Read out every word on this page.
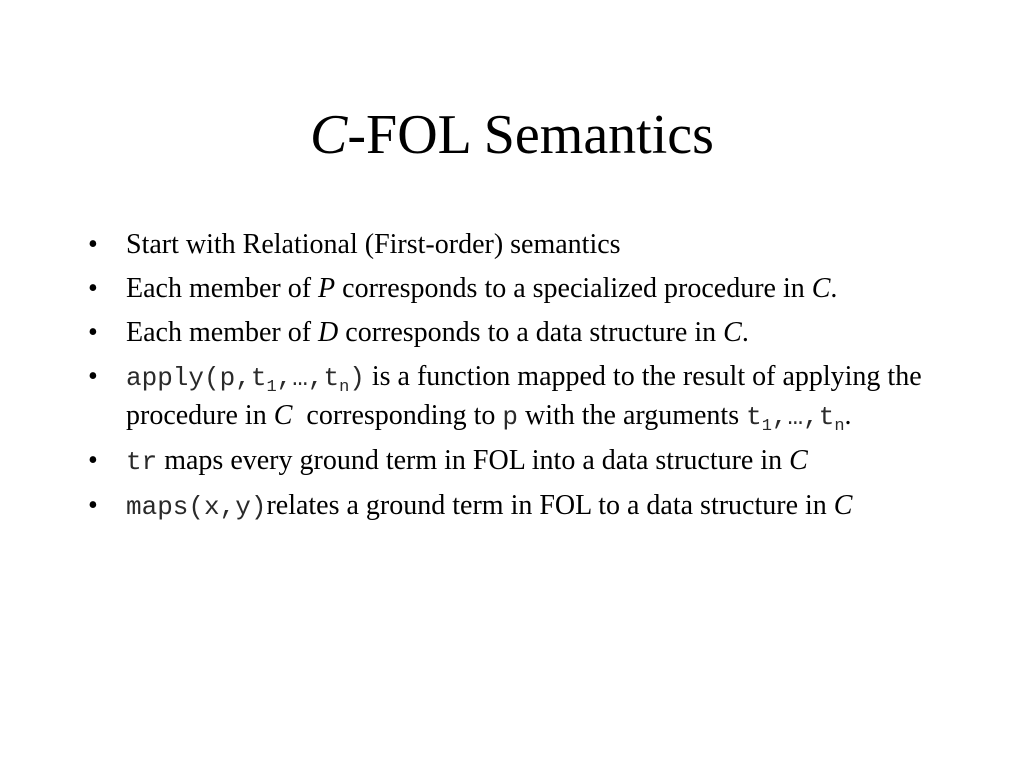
C-FOL Semantics
•	Start with Relational (First-order) semantics
•	Each member of P corresponds to a specialized procedure in C.
•	Each member of D corresponds to a data structure in C.
•	$apply(p,t_1,\dots,t_n)$ is a function mapped to the result of applying the procedure in C  corresponding to p with the arguments $t_1,\dots,t_n$.
•	tr maps every ground term in FOL into a data structure in C
•	maps(x,y)relates a ground term in FOL to a data structure in C
